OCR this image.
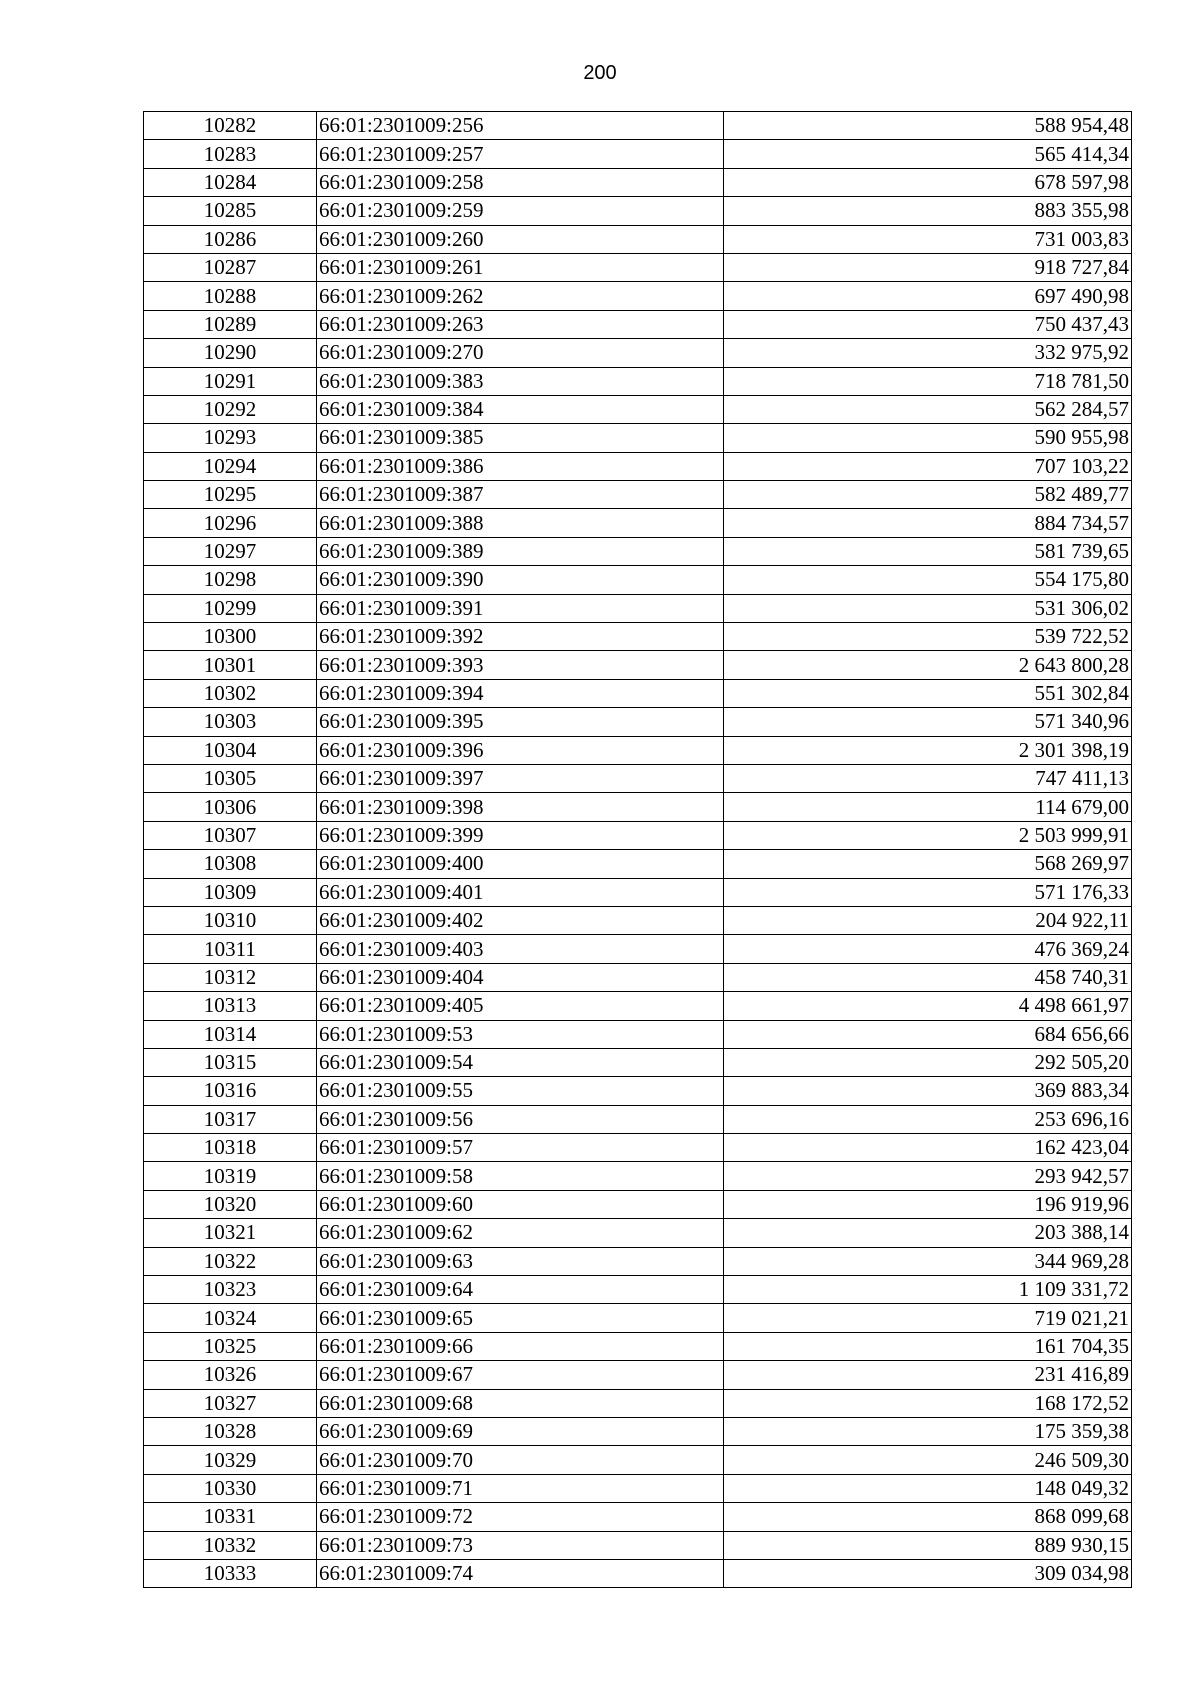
200
10282	66:01:2301009:256	588 954,48
10283	66:01:2301009:257	565 414,34
10284	66:01:2301009:258	678 597,98
10285	66:01:2301009:259	883 355,98
10286	66:01:2301009:260	731 003,83
10287	66:01:2301009:261	918 727,84
10288	66:01:2301009:262	697 490,98
10289	66:01:2301009:263	750 437,43
10290	66:01:2301009:270	332 975,92
10291	66:01:2301009:383	718 781,50
10292	66:01:2301009:384	562 284,57
10293	66:01:2301009:385	590 955,98
10294	66:01:2301009:386	707 103,22
10295	66:01:2301009:387	582 489,77
10296	66:01:2301009:388	884 734,57
10297	66:01:2301009:389	581 739,65
10298	66:01:2301009:390	554 175,80
10299	66:01:2301009:391	531 306,02
10300	66:01:2301009:392	539 722,52
10301	66:01:2301009:393	2 643 800,28
10302	66:01:2301009:394	551 302,84
10303	66:01:2301009:395	571 340,96
10304	66:01:2301009:396	2 301 398,19
10305	66:01:2301009:397	747 411,13
10306	66:01:2301009:398	114 679,00
10307	66:01:2301009:399	2 503 999,91
10308	66:01:2301009:400	568 269,97
10309	66:01:2301009:401	571 176,33
10310	66:01:2301009:402	204 922,11
10311	66:01:2301009:403	476 369,24
10312	66:01:2301009:404	458 740,31
10313	66:01:2301009:405	4 498 661,97
10314	66:01:2301009:53	684 656,66
10315	66:01:2301009:54	292 505,20
10316	66:01:2301009:55	369 883,34
10317	66:01:2301009:56	253 696,16
10318	66:01:2301009:57	162 423,04
10319	66:01:2301009:58	293 942,57
10320	66:01:2301009:60	196 919,96
10321	66:01:2301009:62	203 388,14
10322	66:01:2301009:63	344 969,28
10323	66:01:2301009:64	1 109 331,72
10324	66:01:2301009:65	719 021,21
10325	66:01:2301009:66	161 704,35
10326	66:01:2301009:67	231 416,89
10327	66:01:2301009:68	168 172,52
10328	66:01:2301009:69	175 359,38
10329	66:01:2301009:70	246 509,30
10330	66:01:2301009:71	148 049,32
10331	66:01:2301009:72	868 099,68
10332	66:01:2301009:73	889 930,15
10333	66:01:2301009:74	309 034,98
